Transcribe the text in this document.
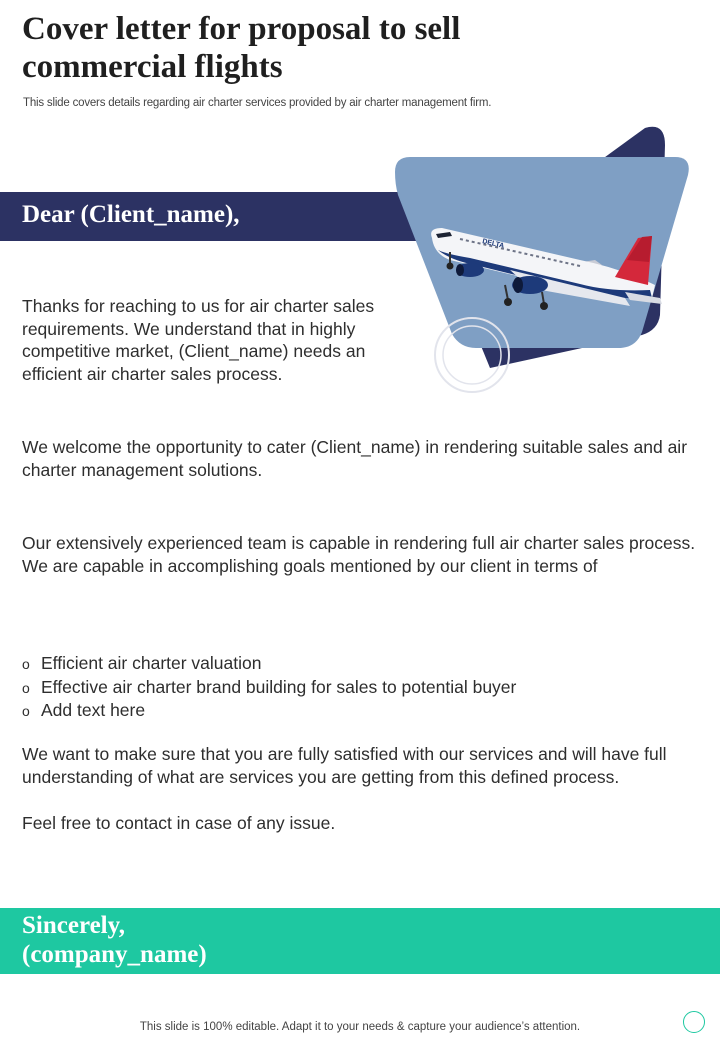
Cover letter for proposal to sell commercial flights
This slide covers details regarding air charter services provided by air charter management firm.
Dear (Client_name),
DELTA

Thanks for reaching to us for air charter sales requirements. We understand that in highly competitive market, (Client_name) needs an efficient air charter sales process.

We welcome the opportunity to cater (Client_name) in rendering suitable sales and air charter management solutions.

Our extensively experienced team is capable in rendering full air charter sales process. We are capable in accomplishing goals mentioned by our client in terms of

o Efficient air charter valuation
o Effective air charter brand building for sales to potential buyer
o Add text here

We want to make sure that you are fully satisfied with our services and will have full understanding of what are services you are getting from this defined process.

Feel free to contact in case of any issue.

Sincerely,
(company_name)
This slide is 100% editable. Adapt it to your needs & capture your audience’s attention.
